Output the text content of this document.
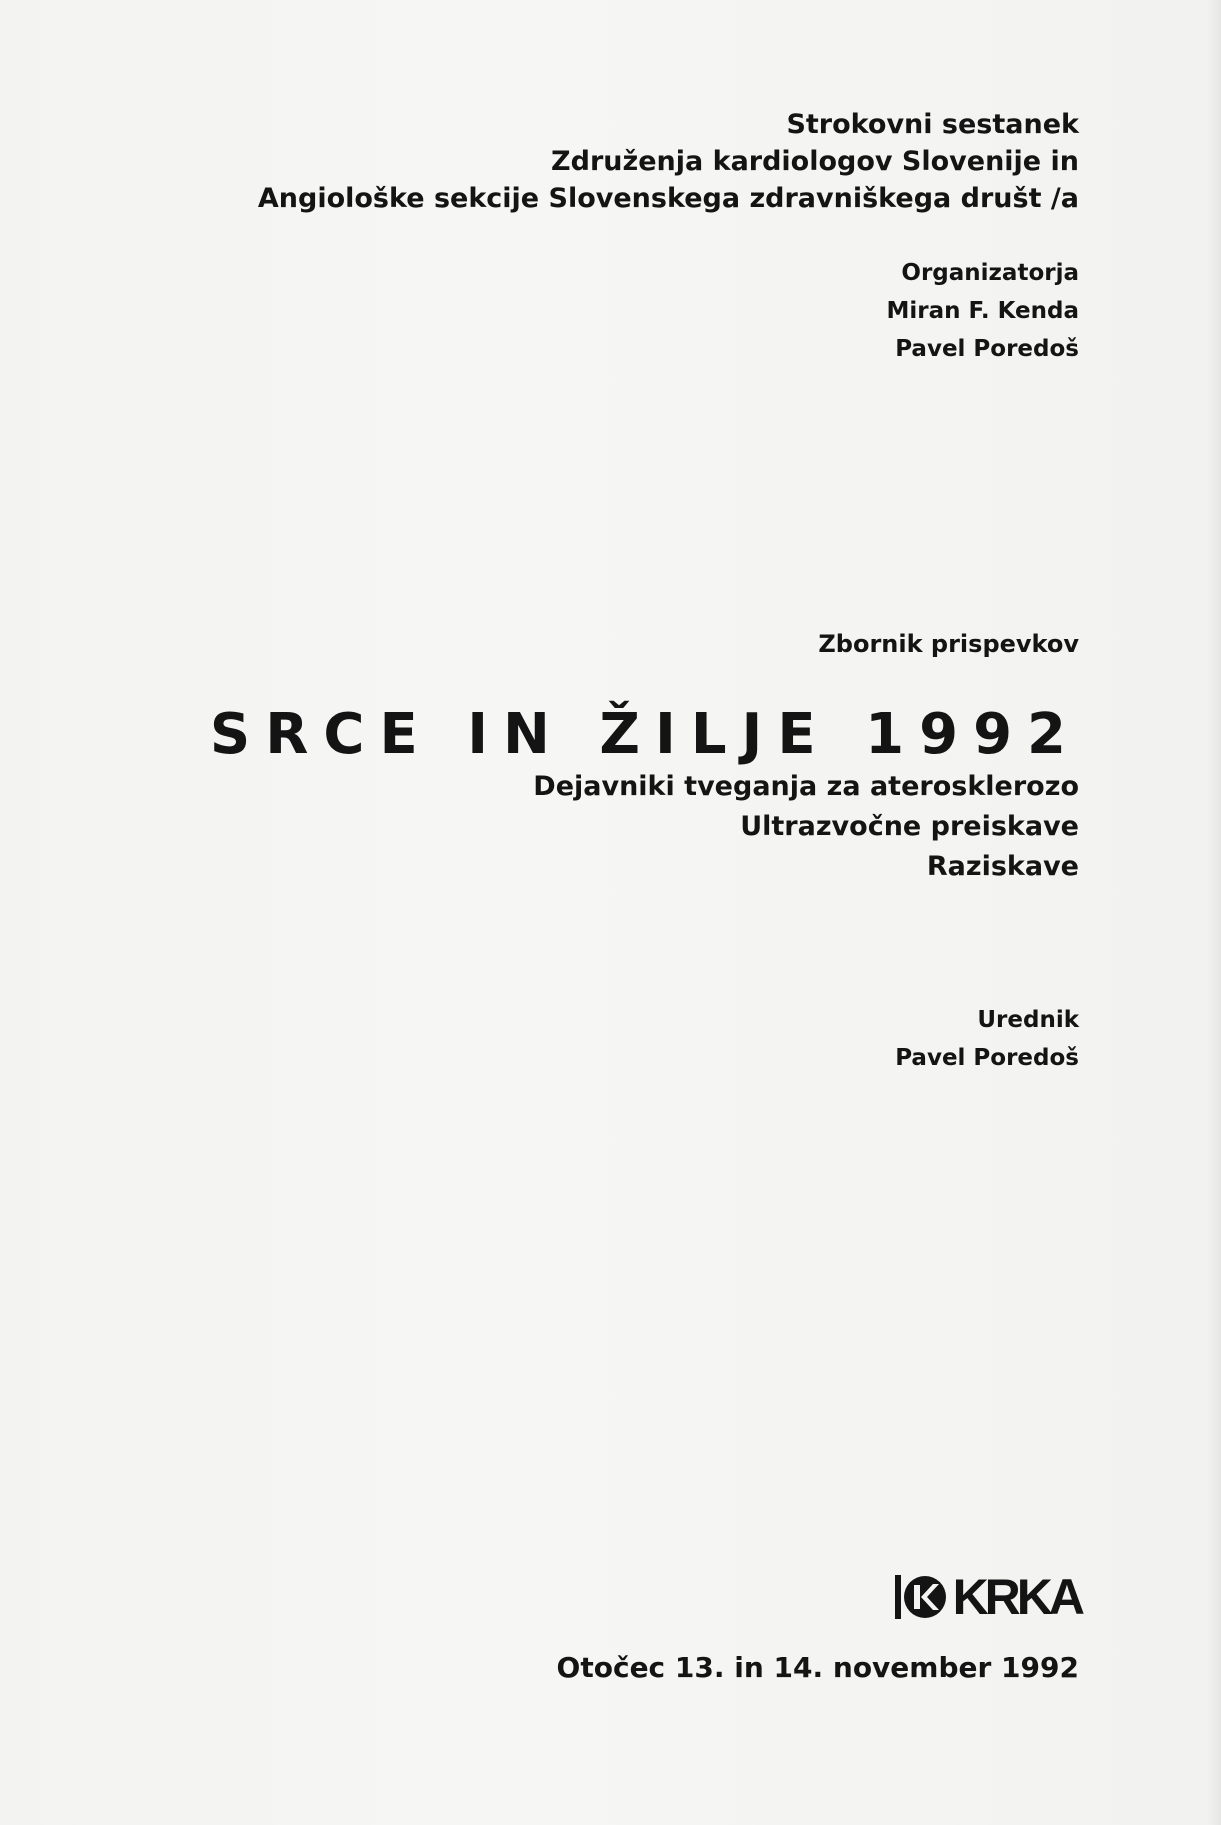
Strokovni sestanek
Združenja kardiologov Slovenije in
Angiološke sekcije Slovenskega zdravniškega društ /a
Organizatorja
Miran F. Kenda
Pavel Poredoš
Zbornik prispevkov
SRCE IN ŽILJE 1992
Dejavniki tveganja za aterosklerozo
Ultrazvočne preiskave
Raziskave
Urednik
Pavel Poredoš
KRKA
Otočec 13. in 14. november 1992
